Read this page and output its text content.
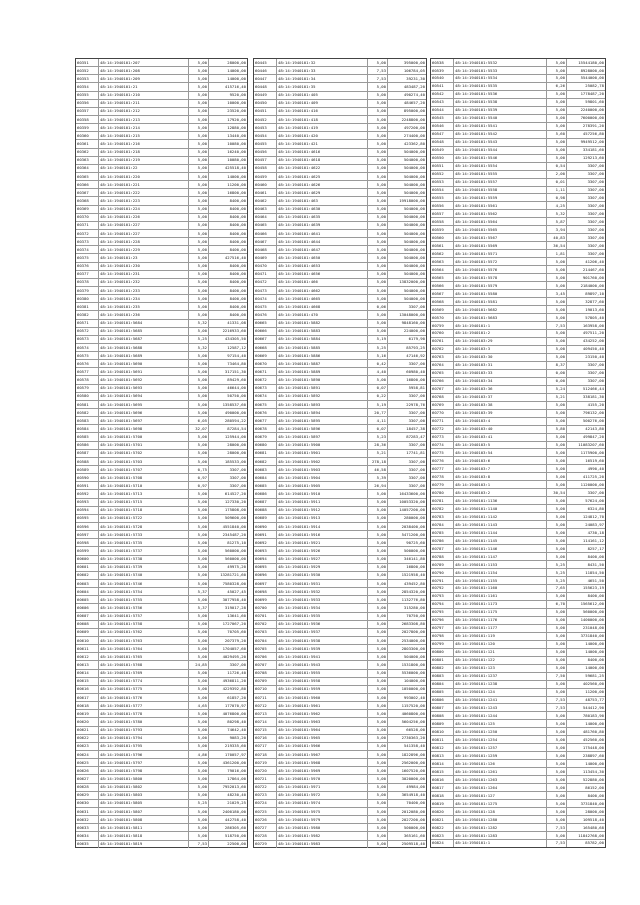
60351	48:14:1940101:207	5,00	28000,00
60352	48:14:1940101:208	5,00	14000,00
60353	48:14:1940101:209	5,00	14000,00
60354	48:14:1940101:21	5,00	415716,40
60355	48:14:1940101:210	5,00	9520,00
60356	48:14:1940101:211	5,00	10000,00
60357	48:14:1940101:212	5,00	23520,00
60358	48:14:1940101:213	5,00	17920,00
60359	48:14:1940101:214	5,00	12880,00
60360	48:14:1940101:215	5,00	13440,00
60361	48:14:1940101:216	5,00	10080,00
60362	48:14:1940101:218	5,00	16240,00
60363	48:14:1940101:219	5,00	10080,00
60364	48:14:1940101:22	5,00	425518,40
60365	48:14:1940101:220	5,00	14000,00
60366	48:14:1940101:221	5,00	11200,00
60367	48:14:1940101:222	5,00	16800,00
60368	48:14:1940101:223	5,00	8400,00
60369	48:14:1940101:224	5,00	8400,00
60370	48:14:1940101:226	5,00	8400,00
60371	48:14:1940101:227	5,00	8400,00
60372	48:14:1940101:227	5,00	8400,00
60373	48:14:1940101:228	5,00	8400,00
60374	48:14:1940101:229	5,00	8400,00
60375	48:14:1940101:23	5,00	427516,40
60376	48:14:1940101:230	5,00	8400,00
60377	48:14:1940101:231	5,00	8400,00
60378	48:14:1940101:232	5,00	8400,00
60379	48:14:1940101:233	5,00	8400,00
60380	48:14:1940101:234	5,00	8400,00
60381	48:14:1940101:235	5,00	8400,00
60382	48:14:1940101:236	5,00	8400,00
60571	48:14:1940101:5684	5,32	41331,08
60572	48:14:1940101:5685	5,00	2216933,60
60573	48:14:1940101:5687	5,25	434305,50
60574	48:14:1940101:5688	5,32	12587,12
60575	48:14:1940101:5689	5,00	97154,40
60576	48:14:1940101:5690	5,00	73464,80
60577	48:14:1940101:5691	5,00	317151,30
60578	48:14:1940101:5692	5,00	89429,60
60579	48:14:1940101:5693	5,00	46644,00
60580	48:14:1940101:5694	5,00	50750,00
60581	48:14:1940101:5695	5,00	1358537,60
60582	48:14:1940101:5696	5,00	490000,00
60583	48:14:1940101:5697	6,05	280594,22
60584	48:14:1940101:5698	32,07	87284,54
60585	48:14:1940101:5700	5,00	125944,00
60586	48:14:1940101:5701	5,00	28000,00
60587	48:14:1940101:5702	5,00	28000,00
60588	48:14:1940101:5703	5,00	185533,00
60589	48:14:1940101:5707	0,75	3307,00
60590	48:14:1940101:5708	0,97	3307,00
60591	48:14:1940101:5710	0,97	3307,00
60592	48:14:1940101:5713	5,00	614527,20
60593	48:14:1940101:5715	5,00	127330,20
60594	48:14:1940101:5718	5,00	175808,00
60595	48:14:1940101:5722	5,00	509600,00
60596	48:14:1940101:5728	5,00	4551840,00
60597	48:14:1940101:5733	5,00	2345487,20
60598	48:14:1940101:5735	5,00	81275,10
60599	48:14:1940101:5737	5,00	560000,00
60600	48:14:1940101:5738	5,00	560000,00
60601	48:14:1940101:5739	5,00	49975,20
60602	48:14:1940101:5740	5,00	13281721,60
60603	48:14:1940101:5746	5,00	7580328,00
60604	48:14:1940101:5754	5,37	45027,45
60605	48:14:1940101:5755	5,00	3077958,40
60606	48:14:1940101:5756	5,37	319017,28
60607	48:14:1940101:5757	5,00	13641,60
60608	48:14:1940101:5758	5,00	1727067,20
60609	48:14:1940101:5762	5,00	70705,60
60610	48:14:1940101:5763	5,00	207379,20
60611	48:14:1940101:5764	5,00	1704057,60
60612	48:14:1940101:5765	5,00	4029495,20
60613	48:14:1940101:5768	24,85	3307,00
60614	48:14:1940101:5769	5,00	11726,40
60615	48:14:1940101:5774	5,00	4936811,20
60616	48:14:1940101:5775	5,00	4229392,80
60617	48:14:1940101:5776	5,00	61857,20
60618	48:14:1940101:5777	4,65	177070,97
60619	48:14:1940101:5778	5,00	4076800,00
60620	48:14:1940101:5780	5,00	80298,40
60621	48:14:1940101:5793	5,00	74642,40
60622	48:14:1940101:5794	5,00	9083,20
60623	48:14:1940101:5795	5,00	219335,60
60624	48:14:1940101:5796	4,86	170057,97
60625	48:14:1940101:5797	5,00	4361200,00
60626	48:14:1940101:5798	5,00	79016,00
60627	48:14:1940101:5800	5,00	17864,00
60628	48:14:1940101:5802	5,00	7952013,60
60629	48:14:1940101:5803	5,00	48230,40
60630	48:14:1940101:5805	5,25	21029,25
60631	48:14:1940101:5807	5,00	2400180,00
60632	48:14:1940101:5808	5,00	442758,40
60633	48:14:1940101:5811	5,00	286305,60
60634	48:14:1940101:5818	5,00	518750,00
60635	48:14:1940101:5819	7,53	22500,00
60445	48:14:1940101:32	5,00	395000,00
60446	48:14:1940101:33	7,53	106784,05
60447	48:14:1940101:34	7,53	39231,30
60448	48:14:1940101:35	5,00	483487,20
60449	48:14:1940101:405	5,00	490274,40
60450	48:14:1940101:409	5,00	484657,20
60451	48:14:1940101:416	5,00	895000,00
60452	48:14:1940101:418	5,00	2248800,00
60453	48:14:1940101:419	5,00	497200,00
60454	48:14:1940101:420	5,00	274400,00
60455	48:14:1940101:421	5,00	423362,80
60456	48:14:1940101:4616	5,00	504000,00
60457	48:14:1940101:4618	5,00	504000,00
60458	48:14:1940101:4622	5,00	504000,00
60459	48:14:1940101:4625	5,00	504000,00
60460	48:14:1940101:4626	5,00	504000,00
60461	48:14:1940101:4629	5,00	504000,00
60462	48:14:1940101:463	5,00	19918000,00
60463	48:14:1940101:4630	5,00	504000,00
60464	48:14:1940101:4635	5,00	504000,00
60465	48:14:1940101:4639	5,00	504000,00
60466	48:14:1940101:4641	5,00	504000,00
60467	48:14:1940101:4644	5,00	504000,00
60468	48:14:1940101:4647	5,00	504000,00
60469	48:14:1940101:4650	5,00	504000,00
60470	48:14:1940101:4653	5,00	504000,00
60471	48:14:1940101:4656	5,00	504000,00
60472	48:14:1940101:466	5,00	13832000,00
60473	48:14:1940101:4662	5,00	504000,00
60474	48:14:1940101:4665	5,00	504000,00
60475	48:14:1940101:4668	0,06	3307,00
60476	48:14:1940101:470	5,00	13048000,00
60665	48:14:1940101:5882	5,00	9848160,00
60666	48:14:1940101:5883	5,00	224000,00
60667	48:14:1940101:5884	5,19	6179,90
60668	48:14:1940101:5885	5,25	85793,25
60669	48:14:1940101:5886	5,16	47146,92
60670	48:14:1940101:5887	0,42	3307,00
60671	48:14:1940101:5889	4,40	60980,40
60672	48:14:1940101:5890	5,00	16800,00
60673	48:14:1940101:5891	0,07	5958,81
60674	48:14:1940101:5892	0,22	3307,00
60675	48:14:1940101:5893	5,19	22978,76
60676	48:14:1940101:5894	20,77	3307,00
60677	48:14:1940101:5895	4,11	3307,00
60678	48:14:1940101:5896	0,07	18457,38
60679	48:14:1940101:5897	5,23	87283,47
60680	48:14:1940101:5900	28,36	3307,00
60681	48:14:1940101:5901	5,21	17741,81
60682	48:14:1940101:5902	278,18	3307,00
60683	48:14:1940101:5903	46,58	3307,00
60684	48:14:1940101:5904	5,39	3307,00
60685	48:14:1940101:5905	26,94	3307,00
60686	48:14:1940101:5910	5,00	16433600,00
60687	48:14:1940101:5911	5,00	10053320,00
60688	48:14:1940101:5912	5,00	14057200,00
60689	48:14:1940101:5913	5,00	280000,00
60690	48:14:1940101:5914	5,00	2038400,00
60691	48:14:1940101:5916	5,00	5471200,00
60692	48:14:1940101:5921	5,00	90725,60
60693	48:14:1940101:5926	5,00	500000,00
60694	48:14:1940101:5927	5,00	346141,80
60695	48:14:1940101:5929	5,00	16800,00
60696	48:14:1940101:5930	5,00	1521958,40
60697	48:14:1940101:5931	5,00	439452,80
60698	48:14:1940101:5932	5,00	2854320,00
60699	48:14:1940101:5933	5,00	1132776,80
60700	48:14:1940101:5934	5,00	315280,00
60701	48:14:1940101:5935	5,00	70750,00
60702	48:14:1940101:5936	5,00	2683308,80
60703	48:14:1940101:5937	5,00	2027800,00
60704	48:14:1940101:5938	5,00	2534000,00
60705	48:14:1940101:5939	5,00	2803300,00
60706	48:14:1940101:5941	5,00	504000,00
60707	48:14:1940101:5943	5,00	1531800,00
60708	48:14:1940101:5955	5,00	5536000,00
60709	48:14:1940101:5958	5,00	104000,00
60710	48:14:1940101:5959	5,00	1050000,00
60711	48:14:1940101:5960	5,00	993002,40
60712	48:14:1940101:5961	5,00	1157520,00
60713	48:14:1940101:5962	5,00	4060800,00
60714	48:14:1940101:5963	5,00	5604256,00
60715	48:14:1940101:5964	5,00	66528,00
60716	48:14:1940101:5965	5,00	2730363,20
60717	48:14:1940101:5966	5,00	541358,40
60718	48:14:1940101:5967	5,00	1822896,00
60719	48:14:1940101:5968	5,00	2562000,00
60720	48:14:1940101:5969	5,00	1607520,00
60721	48:14:1940101:5970	5,00	3020000,00
60722	48:14:1940101:5971	5,00	49984,00
60723	48:14:1940101:5972	5,00	3654918,40
60724	48:14:1940101:5974	5,00	70400,00
60725	48:14:1940101:5975	5,00	2012080,00
60726	48:14:1940101:5979	5,00	2027200,00
60727	48:14:1940101:5980	5,00	500000,00
60728	48:14:1940101:5982	5,00	365161,60
60729	48:14:1940101:5983	5,00	2509518,40
60538	48:14:1940101:5532	5,00	15544180,00
60539	48:14:1940101:5533	5,00	8928000,00
60540	48:14:1940101:5534	5,00	5544000,00
60541	48:14:1940101:5535	6,26	25082,78
60542	48:14:1940101:5536	5,00	1778487,20
60543	48:14:1940101:5538	5,00	59801,60
60544	48:14:1940101:5539	5,00	2240000,00
60545	48:14:1940101:5540	5,00	7600000,00
60546	48:14:1940101:5541	5,00	278391,20
60547	48:14:1940101:5542	5,60	457256,80
60548	48:14:1940101:5543	5,00	9949512,00
60549	48:14:1940101:5544	5,00	334181,60
60550	48:14:1940101:5546	5,00	129213,60
60551	48:14:1940101:5554	0,54	3307,00
60552	48:14:1940101:5555	2,00	3307,00
60553	48:14:1940101:5557	0,01	3307,00
60554	48:14:1940101:5558	1,11	3307,00
60555	48:14:1940101:5559	0,98	3307,00
60556	48:14:1940101:5561	4,25	3307,00
60557	48:14:1940101:5562	5,32	3307,00
60558	48:14:1940101:5564	5,87	3307,00
60559	48:14:1940101:5565	3,94	3307,00
60560	48:14:1940101:5567	40,83	3307,00
60561	48:14:1940101:5569	36,54	3307,00
60562	48:14:1940101:5571	1,81	3307,00
60563	48:14:1940101:5572	5,00	41206,40
60564	48:14:1940101:5576	5,00	214467,60
60565	48:14:1940101:5578	5,00	901760,00
60566	48:14:1940101:5579	5,00	2184000,00
60567	48:14:1940101:5580	3,45	89897,10
60568	48:14:1940101:5581	5,00	32877,60
60569	48:14:1940101:5682	5,00	19013,60
60570	48:14:1940101:5683	5,00	57805,40
60759	48:14:1940101:1	7,53	163958,00
60760	48:14:1940101:2	5,00	497511,20
60761	48:14:1940103:29	5,00	434252,00
60762	48:14:1940103:3	5,00	409450,40
60763	48:14:1940103:30	5,00	23150,40
60764	48:14:1940103:31	8,37	3307,00
60765	48:14:1940103:33	0,00	3307,00
60766	48:14:1940103:34	0,00	3307,00
60767	48:14:1940103:36	5,24	512466,44
60768	48:14:1940103:37	5,21	338181,30
60769	48:14:1940103:38	5,00	4155,20
60770	48:14:1940103:39	5,00	796132,00
60771	48:14:1940103:4	5,00	500276,00
60772	48:14:1940103:40	5,80	42143,80
60773	48:14:1940103:41	5,00	499847,20
60774	48:14:1940103:5	5,00	11083207,60
60775	48:14:1940103:54	5,00	1175900,00
60776	48:14:1940103:6	5,00	16519,60
60777	48:14:1940103:7	5,00	4990,40
60778	48:14:1940103:8	5,00	411725,20
60779	48:14:1940103:1	5,00	1120000,00
60780	48:14:1940103:2	30,54	3307,00
60781	48:14:1950101:1136	5,00	57624,00
60782	48:14:1950101:1140	5,00	6324,80
60783	48:14:1950101:1142	5,00	124812,70
60784	48:14:1950101:1143	5,00	24083,97
60785	48:14:1950101:1144	5,00	4730,18
60786	48:14:1950101:1145	5,00	114161,12
60787	48:14:1950101:1146	5,00	8257,17
60788	48:14:1950101:1147	5,00	8400,00
60789	48:14:1950101:1153	5,25	8431,50
60790	48:14:1950101:1154	5,25	11854,50
60791	48:14:1950101:1155	5,25	4651,50
60792	48:14:1950101:1160	7,65	155623,19
60793	48:14:1950101:1161	5,00	8400,00
60794	48:14:1950101:1173	6,70	1565612,00
60795	48:14:1950101:1175	5,00	560000,00
60796	48:14:1950101:1176	5,00	1400000,00
60797	48:14:1950101:1177	5,00	231048,00
60798	48:14:1950101:119	5,00	3731840,00
60799	48:14:1950101:120	5,00	14000,00
60800	48:14:1950101:121	5,00	14000,00
60801	48:14:1950101:122	5,00	8400,00
60802	48:14:1950101:123	5,00	14000,00
60803	48:14:1950101:1237	7,50	59681,25
60804	48:14:1950101:1238	5,00	402560,00
60805	48:14:1950101:124	5,00	11200,00
60806	48:14:1950101:1241	7,53	48753,77
60807	48:14:1950101:1243	7,53	544412,90
60808	48:14:1950101:1244	5,00	780183,90
60809	48:14:1950101:125	5,00	14000,00
60810	48:14:1950101:1250	5,00	481760,80
60811	48:14:1950101:1254	5,00	452560,00
60812	48:14:1950101:1257	5,00	175448,00
60813	48:14:1950101:1259	5,00	238897,60
60814	48:14:1950101:126	5,00	14000,00
60815	48:14:1950101:1261	5,00	113454,30
60816	48:14:1950101:1263	5,00	522880,00
60817	48:14:1950101:1264	5,00	86152,00
60818	48:14:1950101:127	5,00	8400,00
60819	48:14:1950101:1275	5,00	3731840,00
60820	48:14:1950101:128	5,00	28000,00
60821	48:14:1950101:1280	5,00	109518,40
60822	48:14:1950101:1282	7,53	165480,68
60823	48:14:1950101:1283	5,00	11842768,00
60824	48:14:1950101:1	7,53	85782,00
